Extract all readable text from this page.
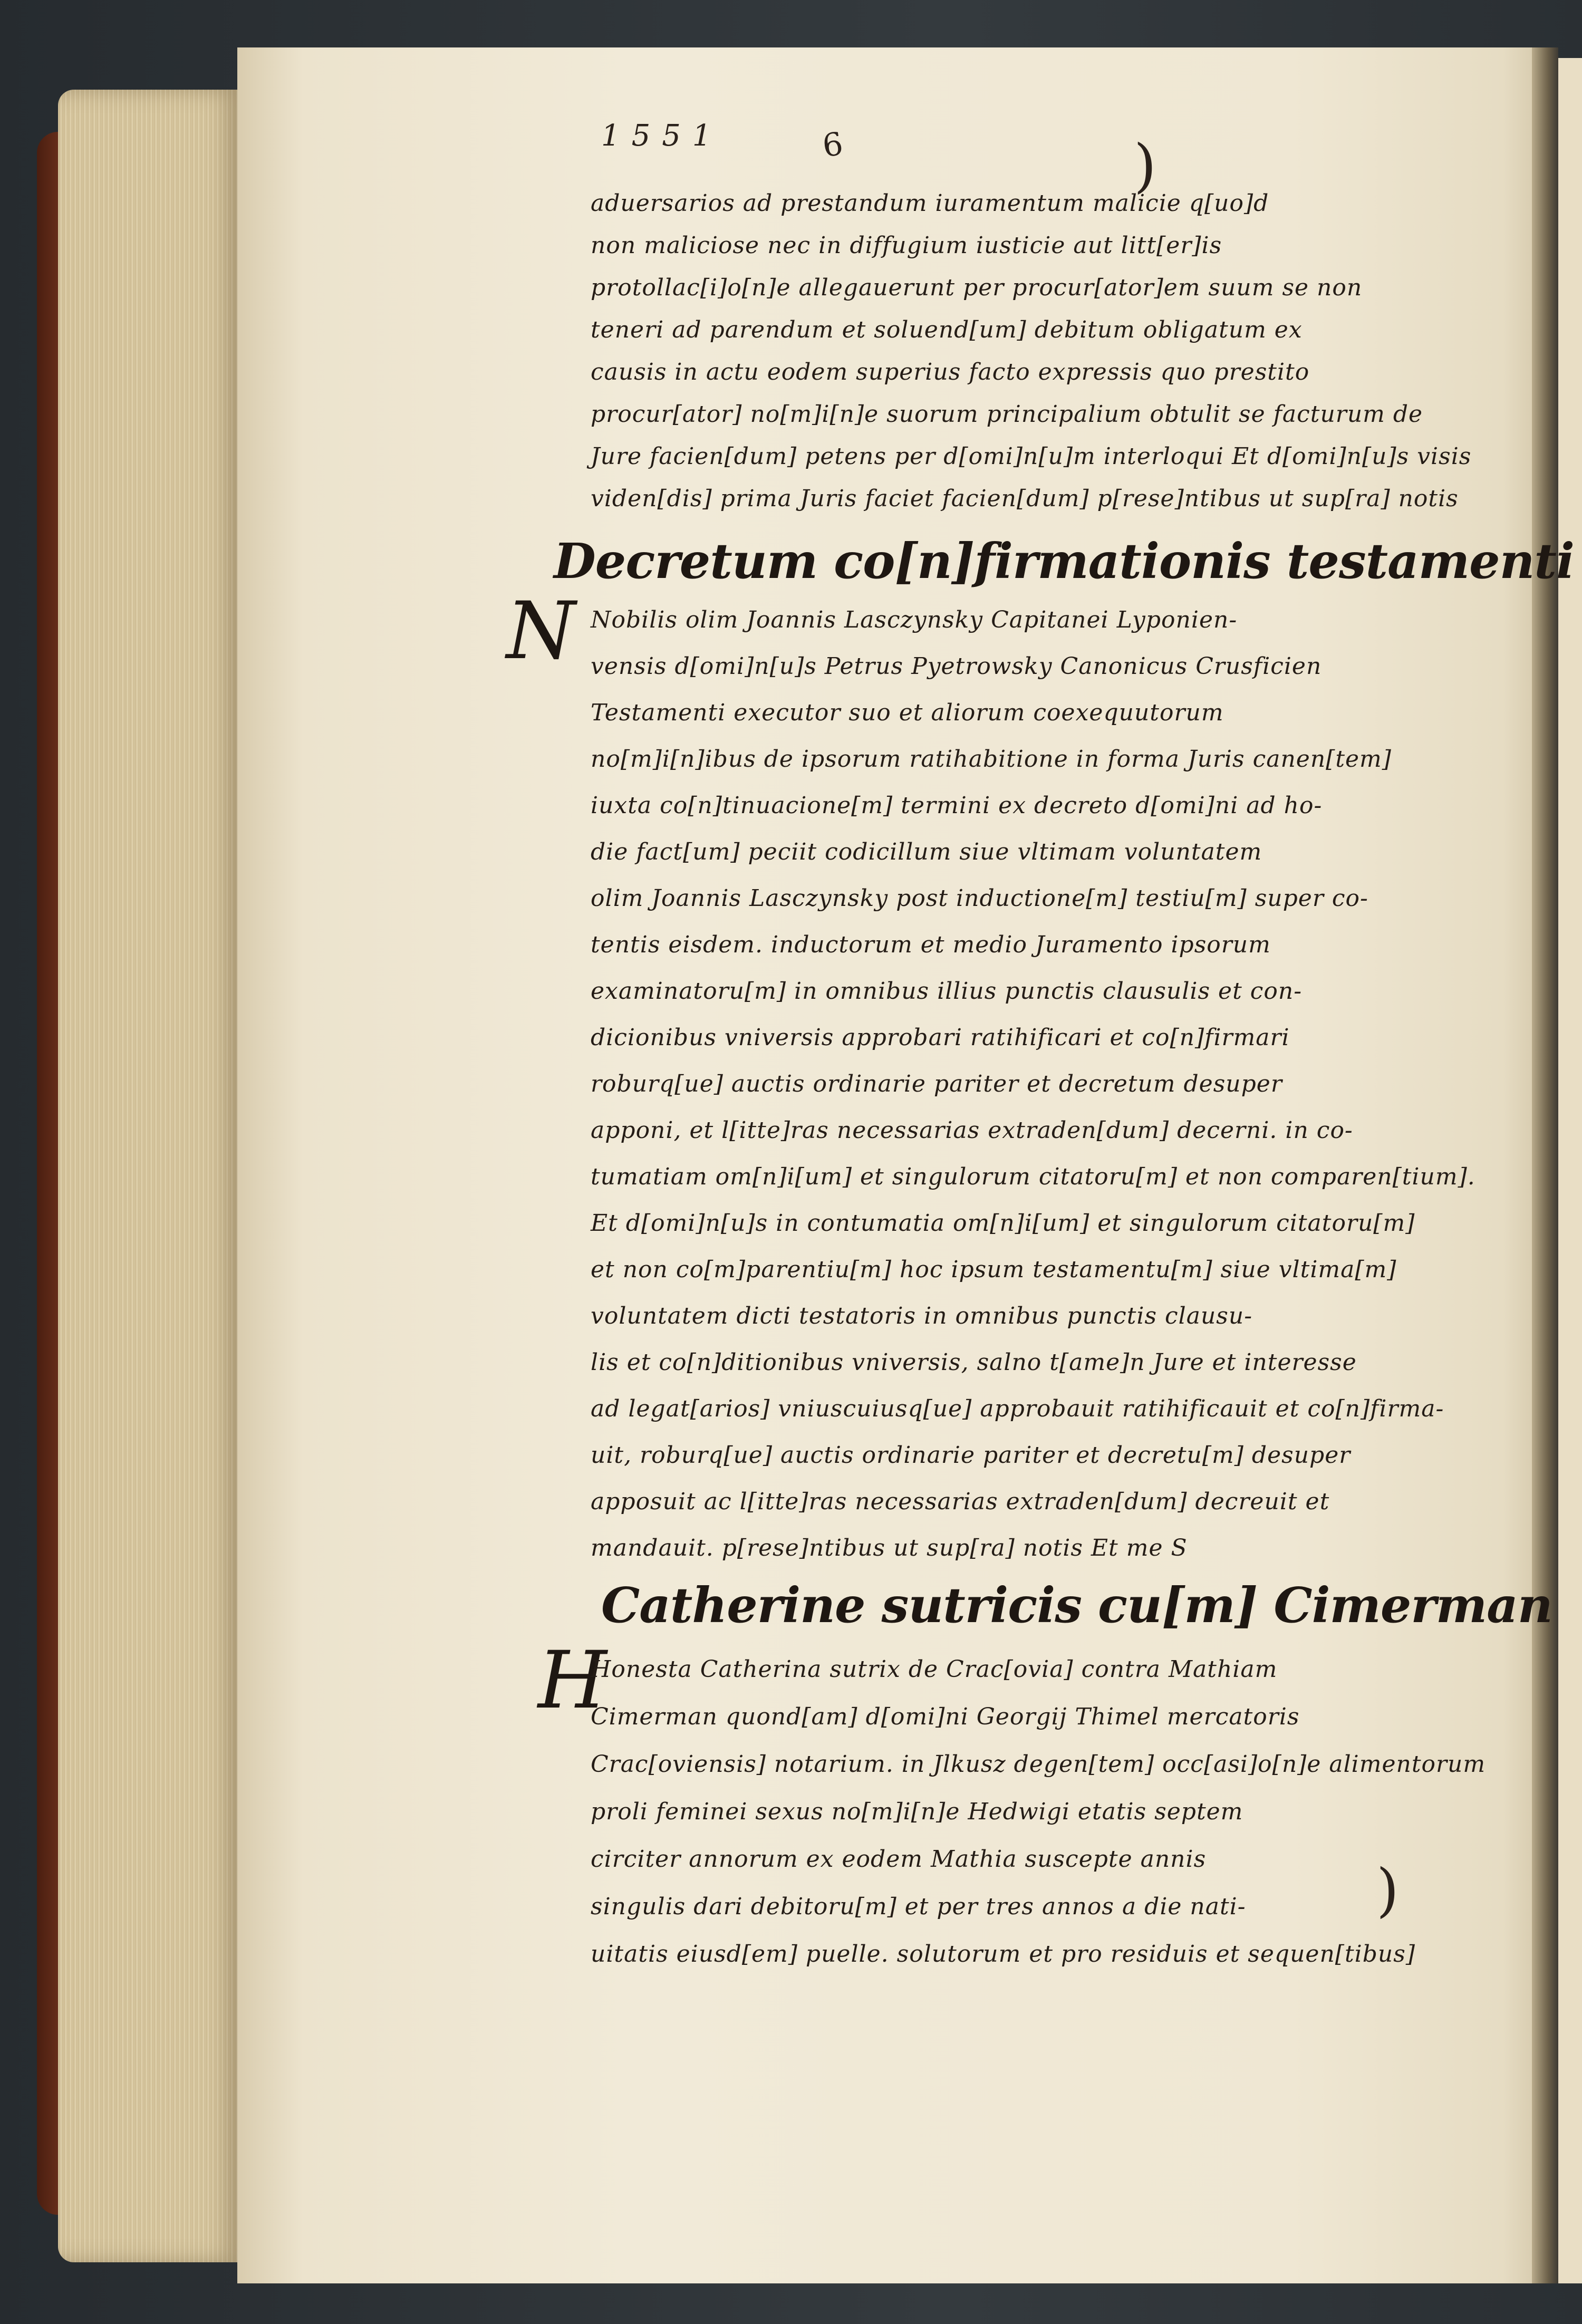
1551	6
aduersarios ad prestandum iuramentum malicie q[uo]d
non maliciose nec in diffugium iusticie aut litt[er]is
protollac[i]o[n]e allegauerunt per procur[ator]em suum se non
teneri ad parendum et soluend[um] debitum obligatum ex
causis in actu eodem superius facto expressis quo prestito
procur[ator] no[m]i[n]e suorum principalium obtulit se facturum de
Jure facien[dum] petens per d[omi]n[u]m interloqui Et d[omi]n[u]s visis
viden[dis] prima Juris faciet facien[dum] p[rese]ntibus ut sup[ra] notis
)
Decretum co[n]firmationis testamenti
N Nobilis olim Joannis Lasczynsky Capitanei Lyponien-
vensis d[omi]n[u]s Petrus Pyetrowsky Canonicus Crusficien
Testamenti executor suo et aliorum coexequutorum
no[m]i[n]ibus de ipsorum ratihabitione in forma Juris canen[tem]
iuxta co[n]tinuacione[m] termini ex decreto d[omi]ni ad ho-
die fact[um] peciit codicillum siue vltimam voluntatem
olim Joannis Lasczynsky post inductione[m] testiu[m] super co-
tentis eisdem. inductorum et medio Juramento ipsorum
examinatoru[m] in omnibus illius punctis clausulis et con-
dicionibus vniversis approbari ratihificari et co[n]firmari
roburq[ue] auctis ordinarie pariter et decretum desuper
apponi, et l[itte]ras necessarias extraden[dum] decerni. in co-
tumatiam om[n]i[um] et singulorum citatoru[m] et non comparen[tium].
Et d[omi]n[u]s in contumatia om[n]i[um] et singulorum citatoru[m]
et non co[m]parentiu[m] hoc ipsum testamentu[m] siue vltima[m]
voluntatem dicti testatoris in omnibus punctis clausu-
lis et co[n]ditionibus vniversis, salno t[ame]n Jure et interesse
ad legat[arios] vniuscuiusq[ue] approbauit ratihificauit et co[n]firma-
uit, roburq[ue] auctis ordinarie pariter et decretu[m] desuper
apposuit ac l[itte]ras necessarias extraden[dum] decreuit et
mandauit. p[rese]ntibus ut sup[ra] notis Et me S
Catherine sutricis cu[m] Cimerman
H
Honesta Catherina sutrix de Crac[ovia] contra Mathiam
Cimerman quond[am] d[omi]ni Georgij Thimel mercatoris
Crac[oviensis] notarium. in Jlkusz degen[tem] occ[asi]o[n]e alimentorum
proli feminei sexus no[m]i[n]e Hedwigi etatis septem
circiter annorum ex eodem Mathia suscepte annis
singulis dari debitoru[m] et per tres annos a die nati-
uitatis eiusd[em] puelle. solutorum et pro residuis et sequen[tibus]
)
